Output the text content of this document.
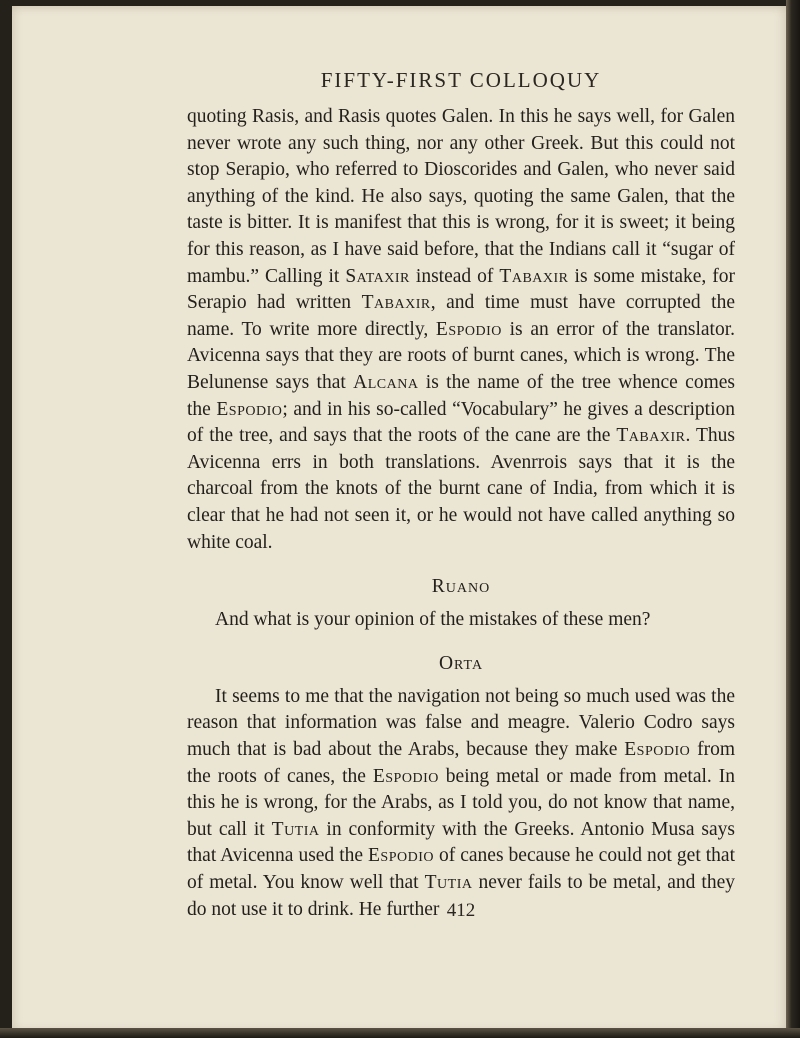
FIFTY-FIRST COLLOQUY

quoting Rasis, and Rasis quotes Galen. In this he says well, for Galen never wrote any such thing, nor any other Greek. But this could not stop Serapio, who referred to Dioscorides and Galen, who never said anything of the kind. He also says, quoting the same Galen, that the taste is bitter. It is manifest that this is wrong, for it is sweet; it being for this reason, as I have said before, that the Indians call it “sugar of mambu.” Calling it Sataxir instead of Tabaxir is some mistake, for Serapio had written Tabaxir, and time must have corrupted the name. To write more directly, Espodio is an error of the translator. Avicenna says that they are roots of burnt canes, which is wrong. The Belunense says that Alcana is the name of the tree whence comes the Espodio; and in his so-called “Vocabulary” he gives a description of the tree, and says that the roots of the cane are the Tabaxir. Thus Avicenna errs in both translations. Avenrrois says that it is the charcoal from the knots of the burnt cane of India, from which it is clear that he had not seen it, or he would not have called anything so white coal.

Ruano

And what is your opinion of the mistakes of these men?

Orta

It seems to me that the navigation not being so much used was the reason that information was false and meagre. Valerio Codro says much that is bad about the Arabs, because they make Espodio from the roots of canes, the Espodio being metal or made from metal. In this he is wrong, for the Arabs, as I told you, do not know that name, but call it Tutia in conformity with the Greeks. Antonio Musa says that Avicenna used the Espodio of canes because he could not get that of metal. You know well that Tutia never fails to be metal, and they do not use it to drink. He further 412
